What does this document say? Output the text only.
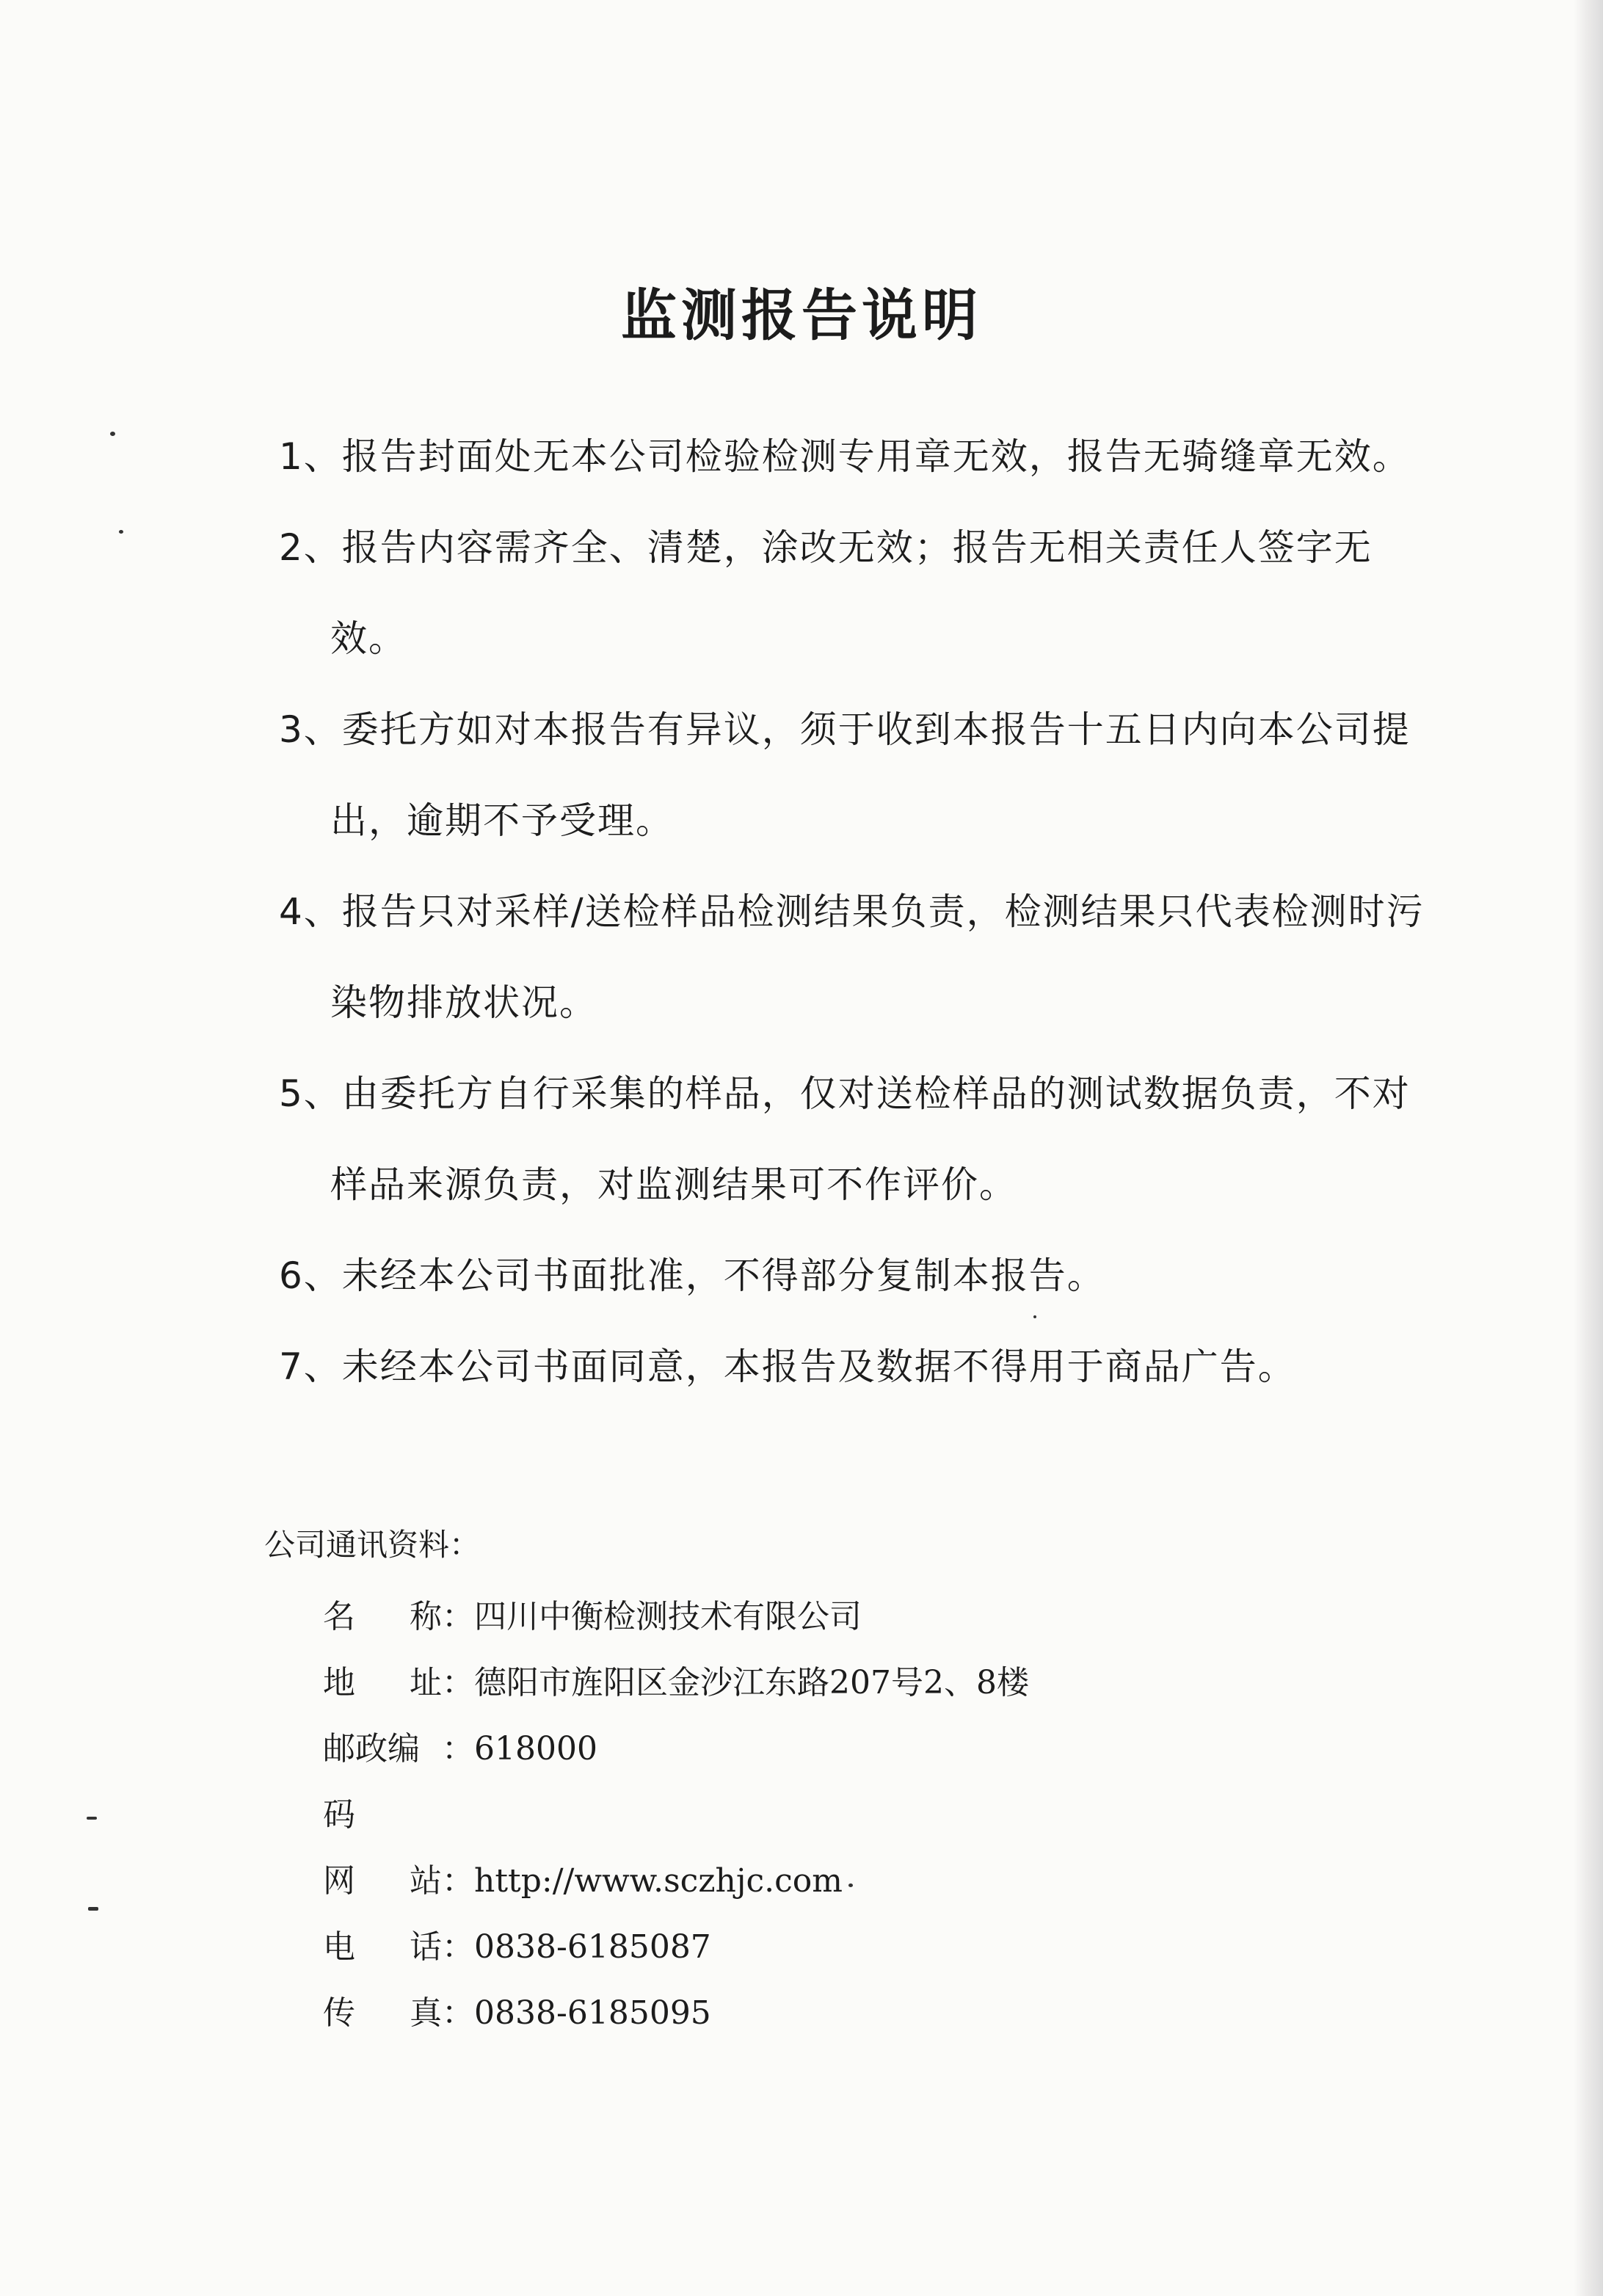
监测报告说明
1、报告封面处无本公司检验检测专用章无效，报告无骑缝章无效。
2、报告内容需齐全、清楚，涂改无效；报告无相关责任人签字无效。
3、委托方如对本报告有异议，须于收到本报告十五日内向本公司提出，逾期不予受理。
4、报告只对采样/送检样品检测结果负责，检测结果只代表检测时污染物排放状况。
5、由委托方自行采集的样品，仅对送检样品的测试数据负责，不对样品来源负责，对监测结果可不作评价。
6、未经本公司书面批准，不得部分复制本报告。
7、未经本公司书面同意，本报告及数据不得用于商品广告。
公司通讯资料：
名 称： 四川中衡检测技术有限公司
地 址： 德阳市旌阳区金沙江东路207号2、8楼
邮政编码
： 618000
网 站： http://www.sczhjc.com
电 话： 0838-6185087
传 真： 0838-6185095
